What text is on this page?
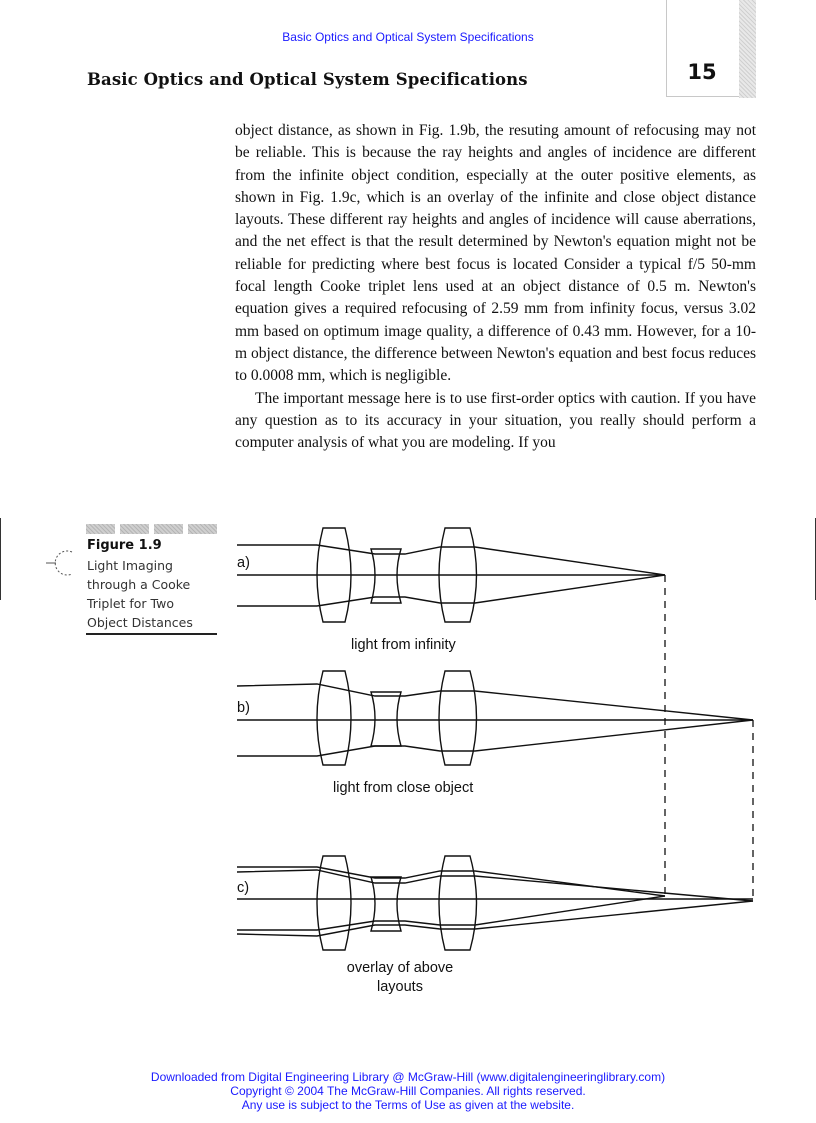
Basic Optics and Optical System Specifications
Basic Optics and Optical System Specifications	15

object distance, as shown in Fig. 1.9b, the resuting amount of refocusing may not be reliable. This is because the ray heights and angles of incidence are different from the infinite object condition, especially at the outer positive elements, as shown in Fig. 1.9c, which is an overlay of the infinite and close object distance layouts. These different ray heights and angles of incidence will cause aberrations, and the net effect is that the result determined by Newton's equation might not be reliable for predicting where best focus is located Consider a typical f/5 50-mm focal length Cooke triplet lens used at an object distance of 0.5 m. Newton's equation gives a required refocusing of 2.59 mm from infinity focus, versus 3.02 mm based on optimum image quality, a difference of 0.43 mm. However, for a 10-m object distance, the difference between Newton's equation and best focus reduces to 0.0008 mm, which is negligible.

The important message here is to use first-order optics with caution. If you have any question as to its accuracy in your situation, you really should perform a computer analysis of what you are modeling. If you

Figure 1.9
Light Imaging through a Cooke Triplet for Two Object Distances
a)
light from infinity
b)
light from close object
c)
overlay of above
layouts
Downloaded from Digital Engineering Library @ McGraw-Hill (www.digitalengineeringlibrary.com)
Copyright © 2004 The McGraw-Hill Companies. All rights reserved.
Any use is subject to the Terms of Use as given at the website.
